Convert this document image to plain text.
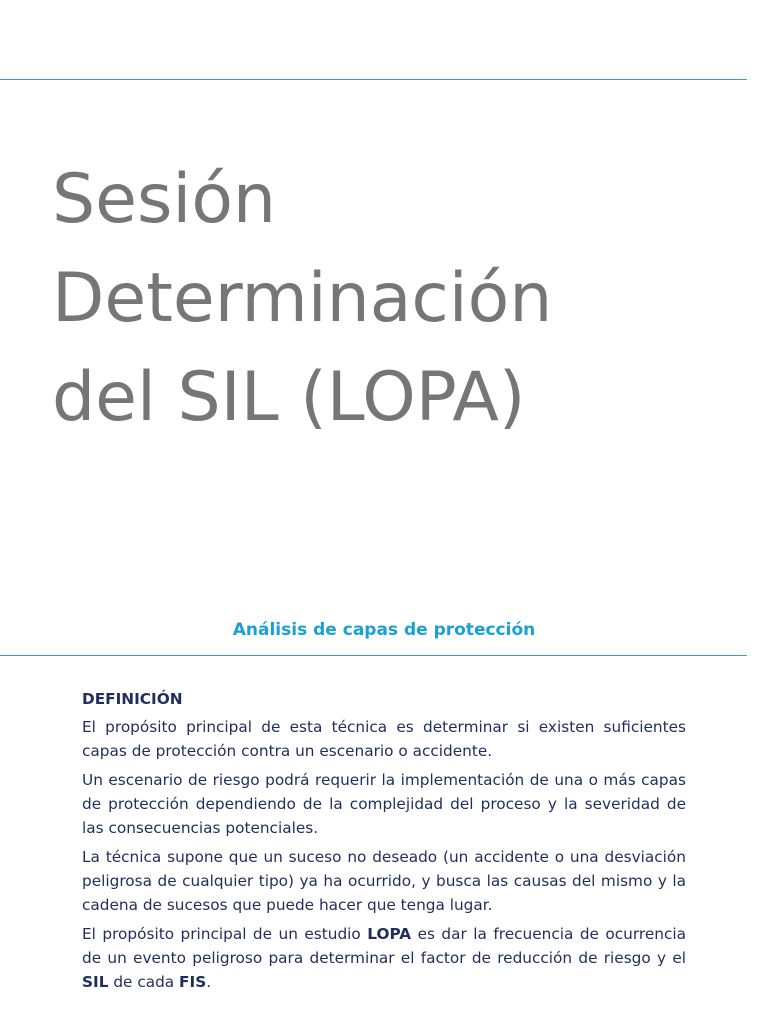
Sesión
Determinación
del SIL (LOPA)
Análisis de capas de protección

DEFINICIÓN

El propósito principal de esta técnica es determinar si existen suficientes capas de protección contra un escenario o accidente.

Un escenario de riesgo podrá requerir la implementación de una o más capas de protección dependiendo de la complejidad del proceso y la severidad de las consecuencias potenciales.

La técnica supone que un suceso no deseado (un accidente o una desviación peligrosa de cualquier tipo) ya ha ocurrido, y busca las causas del mismo y la cadena de sucesos que puede hacer que tenga lugar.

El propósito principal de un estudio LOPA es dar la frecuencia de ocurrencia de un evento peligroso para determinar el factor de reducción de riesgo y el SIL de cada FIS.
